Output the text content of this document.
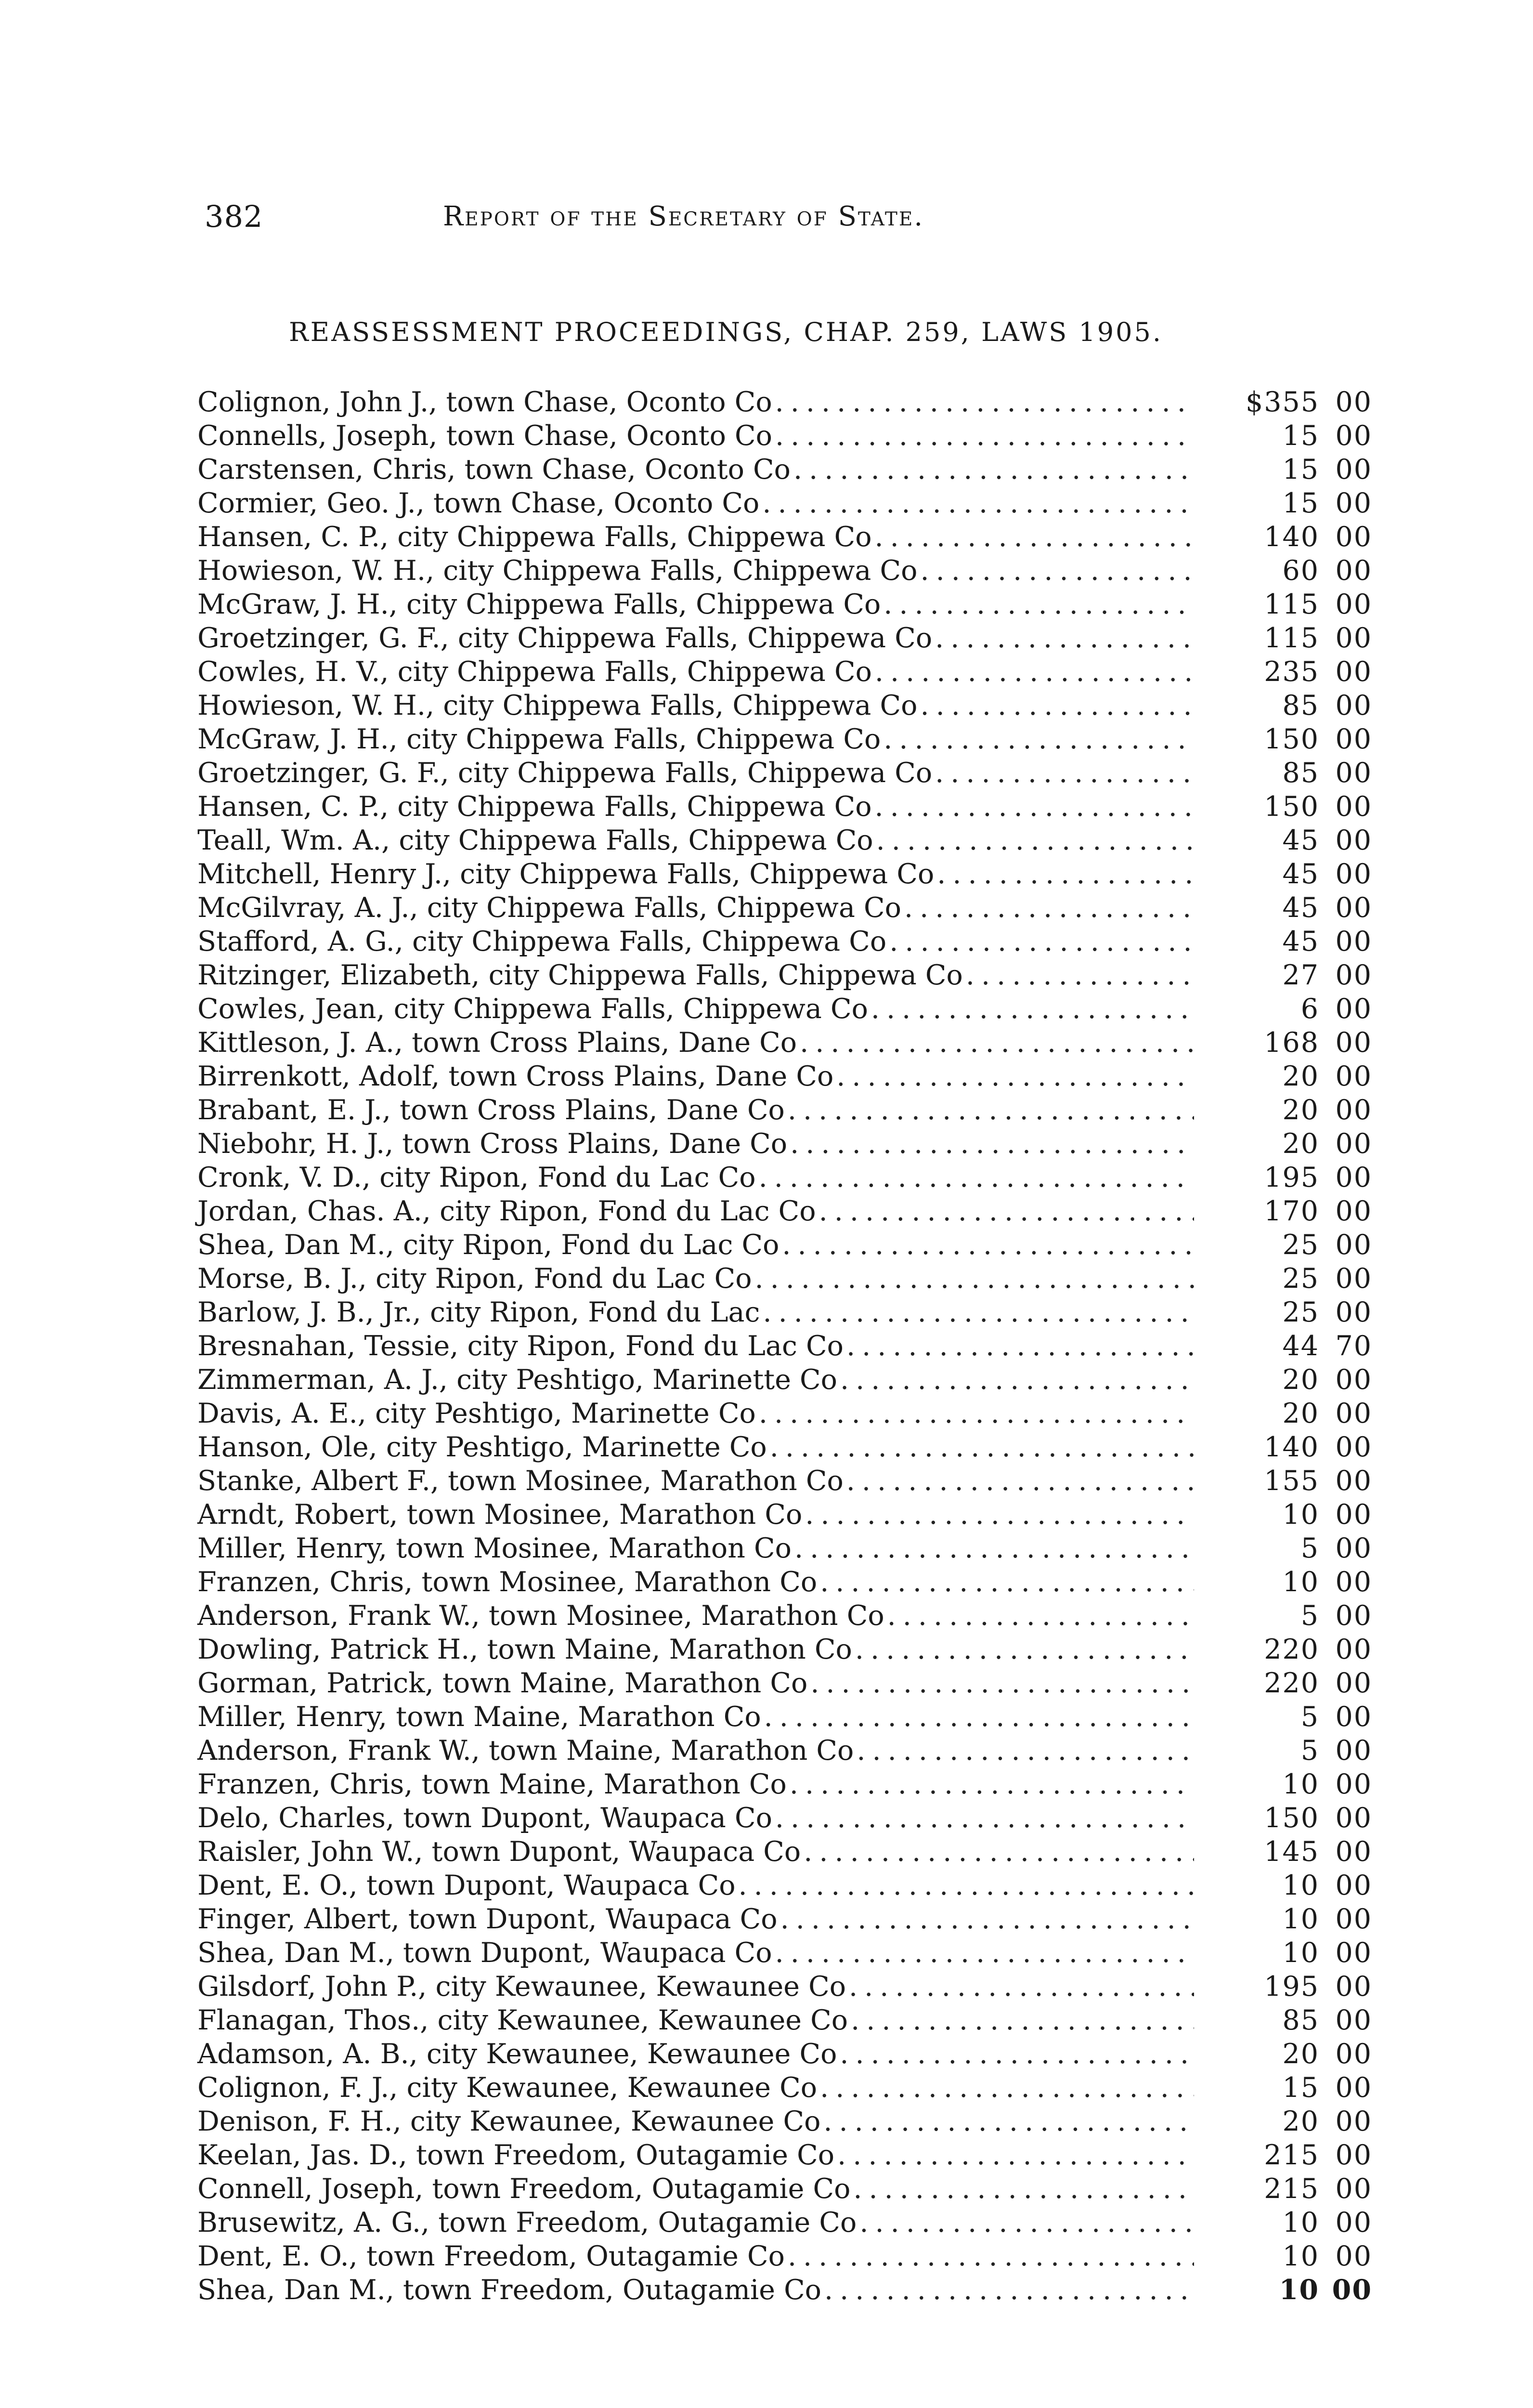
382	Report of the Secretary of State.
REASSESSMENT PROCEEDINGS, CHAP. 259, LAWS 1905.
Colignon, John J., town Chase, Oconto Co .....	$355 00
Connells, Joseph, town Chase, Oconto Co .....	15 00
Carstensen, Chris, town Chase, Oconto Co .....	15 00
Cormier, Geo. J., town Chase, Oconto Co .....	15 00
Hansen, C. P., city Chippewa Falls, Chippewa Co .....	140 00
Howieson, W. H., city Chippewa Falls, Chippewa Co .....	60 00
McGraw, J. H., city Chippewa Falls, Chippewa Co .....	115 00
Groetzinger, G. F., city Chippewa Falls, Chippewa Co .....	115 00
Cowles, H. V., city Chippewa Falls, Chippewa Co .....	235 00
Howieson, W. H., city Chippewa Falls, Chippewa Co .....	85 00
McGraw, J. H., city Chippewa Falls, Chippewa Co .....	150 00
Groetzinger, G. F., city Chippewa Falls, Chippewa Co .....	85 00
Hansen, C. P., city Chippewa Falls, Chippewa Co .....	150 00
Teall, Wm. A., city Chippewa Falls, Chippewa Co .....	45 00
Mitchell, Henry J., city Chippewa Falls, Chippewa Co .....	45 00
McGilvray, A. J., city Chippewa Falls, Chippewa Co .....	45 00
Stafford, A. G., city Chippewa Falls, Chippewa Co .....	45 00
Ritzinger, Elizabeth, city Chippewa Falls, Chippewa Co .....	27 00
Cowles, Jean, city Chippewa Falls, Chippewa Co .....	6 00
Kittleson, J. A., town Cross Plains, Dane Co .....	168 00
Birrenkott, Adolf, town Cross Plains, Dane Co .....	20 00
Brabant, E. J., town Cross Plains, Dane Co .....	20 00
Niebohr, H. J., town Cross Plains, Dane Co .....	20 00
Cronk, V. D., city Ripon, Fond du Lac Co .....	195 00
Jordan, Chas. A., city Ripon, Fond du Lac Co .....	170 00
Shea, Dan M., city Ripon, Fond du Lac Co .....	25 00
Morse, B. J., city Ripon, Fond du Lac Co .....	25 00
Barlow, J. B., Jr., city Ripon, Fond du Lac .....	25 00
Bresnahan, Tessie, city Ripon, Fond du Lac Co .....	44 70
Zimmerman, A. J., city Peshtigo, Marinette Co .....	20 00
Davis, A. E., city Peshtigo, Marinette Co .....	20 00
Hanson, Ole, city Peshtigo, Marinette Co .....	140 00
Stanke, Albert F., town Mosinee, Marathon Co .....	155 00
Arndt, Robert, town Mosinee, Marathon Co .....	10 00
Miller, Henry, town Mosinee, Marathon Co .....	5 00
Franzen, Chris, town Mosinee, Marathon Co .....	10 00
Anderson, Frank W., town Mosinee, Marathon Co .....	5 00
Dowling, Patrick H., town Maine, Marathon Co .....	220 00
Gorman, Patrick, town Maine, Marathon Co .....	220 00
Miller, Henry, town Maine, Marathon Co .....	5 00
Anderson, Frank W., town Maine, Marathon Co .....	5 00
Franzen, Chris, town Maine, Marathon Co .....	10 00
Delo, Charles, town Dupont, Waupaca Co .....	150 00
Raisler, John W., town Dupont, Waupaca Co .....	145 00
Dent, E. O., town Dupont, Waupaca Co .....	10 00
Finger, Albert, town Dupont, Waupaca Co .....	10 00
Shea, Dan M., town Dupont, Waupaca Co .....	10 00
Gilsdorf, John P., city Kewaunee, Kewaunee Co .....	195 00
Flanagan, Thos., city Kewaunee, Kewaunee Co .....	85 00
Adamson, A. B., city Kewaunee, Kewaunee Co .....	20 00
Colignon, F. J., city Kewaunee, Kewaunee Co .....	15 00
Denison, F. H., city Kewaunee, Kewaunee Co .....	20 00
Keelan, Jas. D., town Freedom, Outagamie Co .....	215 00
Connell, Joseph, town Freedom, Outagamie Co .....	215 00
Brusewitz, A. G., town Freedom, Outagamie Co .....	10 00
Dent, E. O., town Freedom, Outagamie Co .....	10 00
Shea, Dan M., town Freedom, Outagamie Co .....	10 00
